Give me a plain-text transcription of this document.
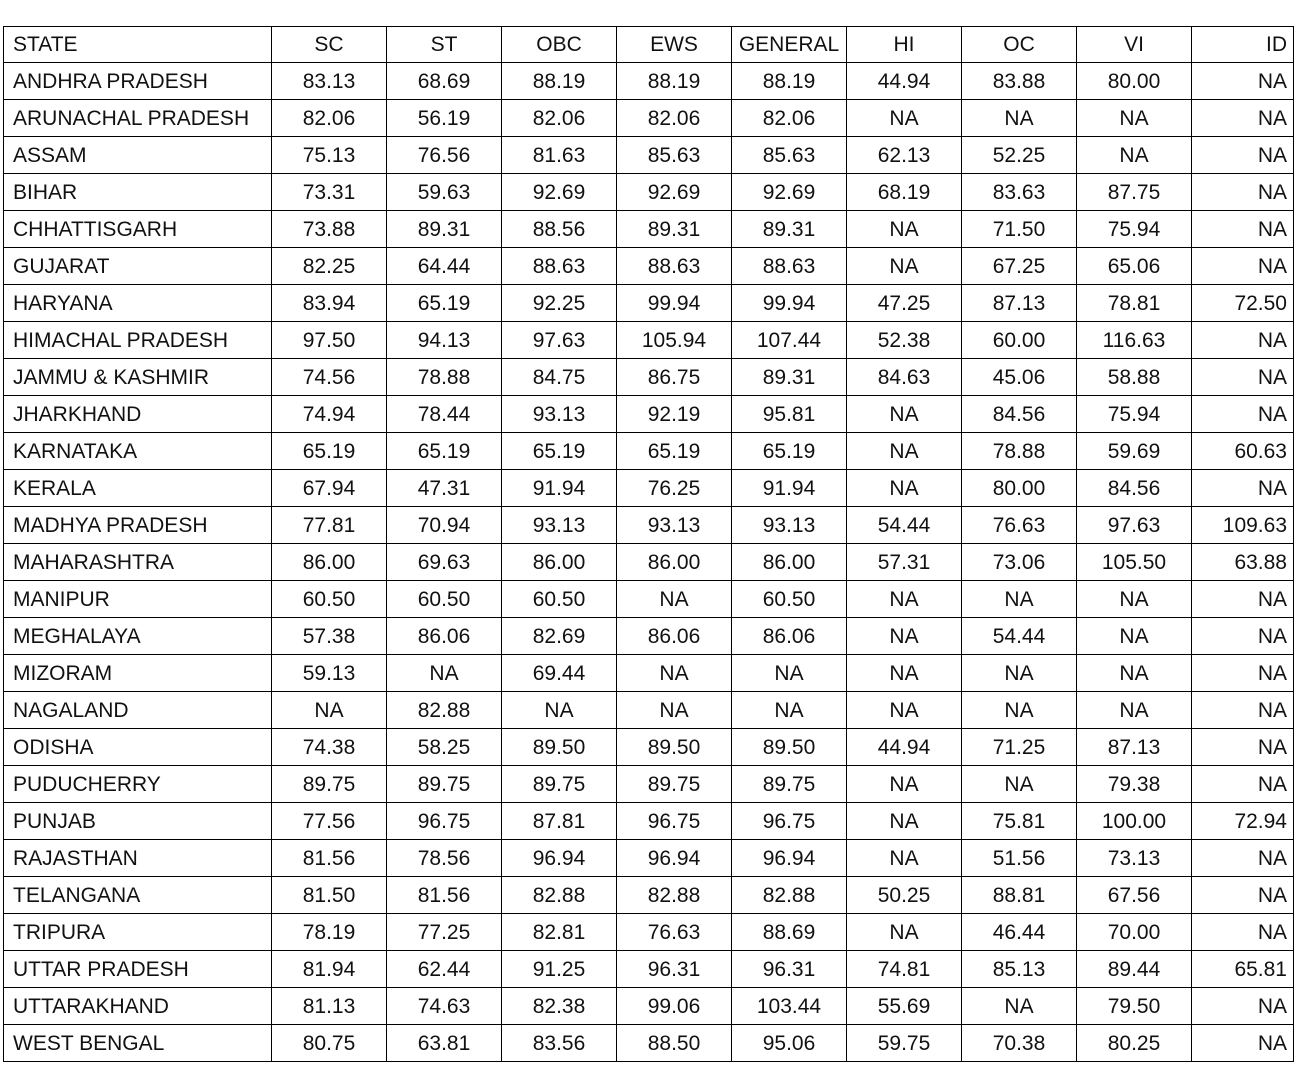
STATE	SC	ST	OBC	EWS	GENERAL	HI	OC	VI	ID
ANDHRA PRADESH	83.13	68.69	88.19	88.19	88.19	44.94	83.88	80.00	NA
ARUNACHAL PRADESH	82.06	56.19	82.06	82.06	82.06	NA	NA	NA	NA
ASSAM	75.13	76.56	81.63	85.63	85.63	62.13	52.25	NA	NA
BIHAR	73.31	59.63	92.69	92.69	92.69	68.19	83.63	87.75	NA
CHHATTISGARH	73.88	89.31	88.56	89.31	89.31	NA	71.50	75.94	NA
GUJARAT	82.25	64.44	88.63	88.63	88.63	NA	67.25	65.06	NA
HARYANA	83.94	65.19	92.25	99.94	99.94	47.25	87.13	78.81	72.50
HIMACHAL PRADESH	97.50	94.13	97.63	105.94	107.44	52.38	60.00	116.63	NA
JAMMU & KASHMIR	74.56	78.88	84.75	86.75	89.31	84.63	45.06	58.88	NA
JHARKHAND	74.94	78.44	93.13	92.19	95.81	NA	84.56	75.94	NA
KARNATAKA	65.19	65.19	65.19	65.19	65.19	NA	78.88	59.69	60.63
KERALA	67.94	47.31	91.94	76.25	91.94	NA	80.00	84.56	NA
MADHYA PRADESH	77.81	70.94	93.13	93.13	93.13	54.44	76.63	97.63	109.63
MAHARASHTRA	86.00	69.63	86.00	86.00	86.00	57.31	73.06	105.50	63.88
MANIPUR	60.50	60.50	60.50	NA	60.50	NA	NA	NA	NA
MEGHALAYA	57.38	86.06	82.69	86.06	86.06	NA	54.44	NA	NA
MIZORAM	59.13	NA	69.44	NA	NA	NA	NA	NA	NA
NAGALAND	NA	82.88	NA	NA	NA	NA	NA	NA	NA
ODISHA	74.38	58.25	89.50	89.50	89.50	44.94	71.25	87.13	NA
PUDUCHERRY	89.75	89.75	89.75	89.75	89.75	NA	NA	79.38	NA
PUNJAB	77.56	96.75	87.81	96.75	96.75	NA	75.81	100.00	72.94
RAJASTHAN	81.56	78.56	96.94	96.94	96.94	NA	51.56	73.13	NA
TELANGANA	81.50	81.56	82.88	82.88	82.88	50.25	88.81	67.56	NA
TRIPURA	78.19	77.25	82.81	76.63	88.69	NA	46.44	70.00	NA
UTTAR PRADESH	81.94	62.44	91.25	96.31	96.31	74.81	85.13	89.44	65.81
UTTARAKHAND	81.13	74.63	82.38	99.06	103.44	55.69	NA	79.50	NA
WEST BENGAL	80.75	63.81	83.56	88.50	95.06	59.75	70.38	80.25	NA
